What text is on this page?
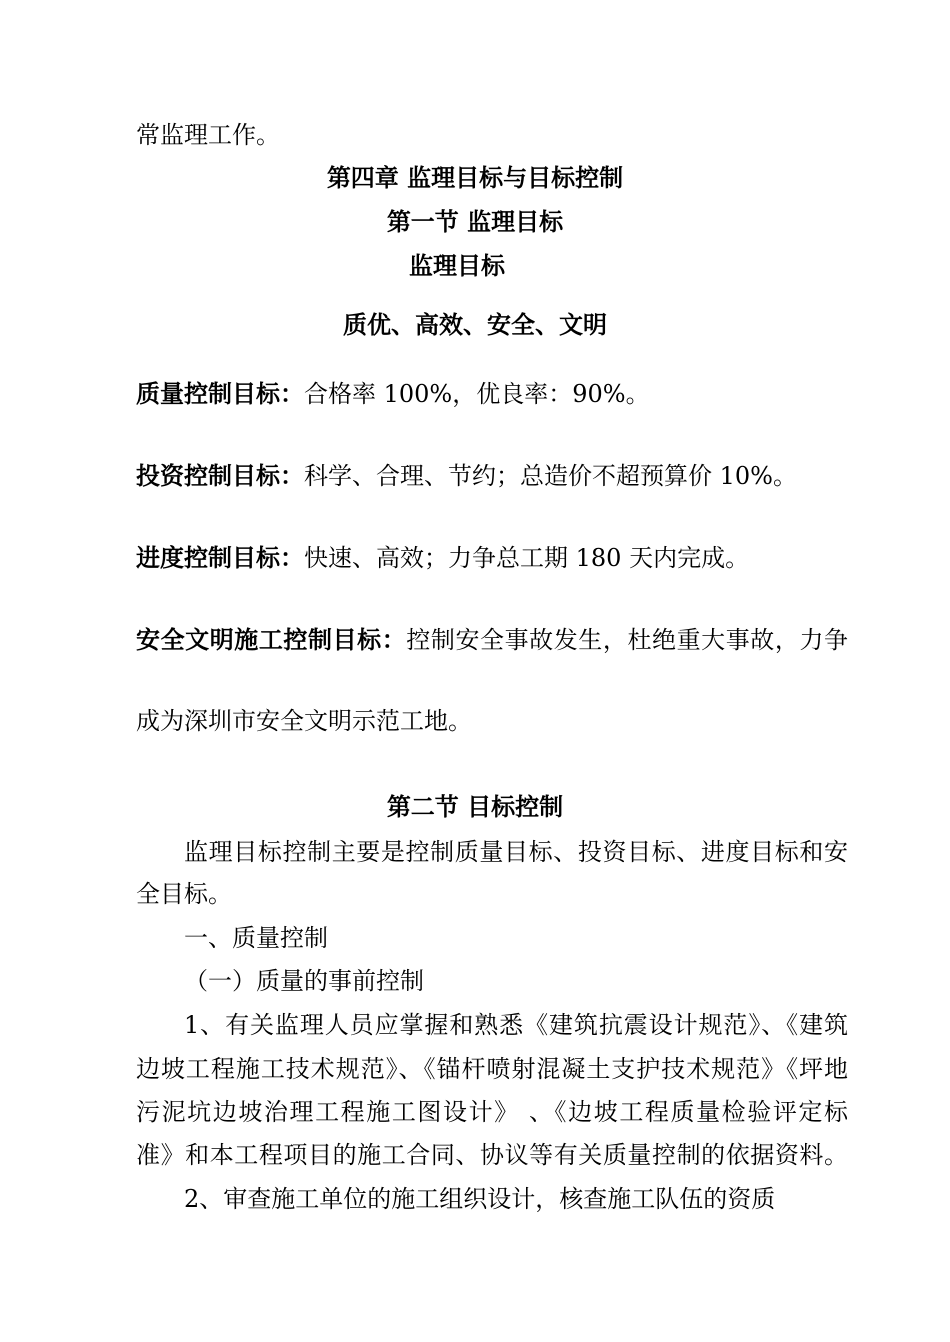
常监理工作。
第四章 监理目标与目标控制
第一节 监理目标
监理目标
质优、高效、安全、文明
质量控制目标：合格率 100%，优良率：90%。
投资控制目标：科学、合理、节约；总造价不超预算价 10%。
进度控制目标：快速、高效；力争总工期 180 天内完成。
安全文明施工控制目标：控制安全事故发生，杜绝重大事故，力争
成为深圳市安全文明示范工地。
第二节 目标控制
监理目标控制主要是控制质量目标、投资目标、进度目标和安
全目标。
一、质量控制
（一）质量的事前控制
1、有关监理人员应掌握和熟悉《建筑抗震设计规范》、《建筑
边坡工程施工技术规范》、《锚杆喷射混凝土支护技术规范》《坪地
污泥坑边坡治理工程施工图设计》 、《边坡工程质量检验评定标
准》和本工程项目的施工合同、协议等有关质量控制的依据资料。
2、审查施工单位的施工组织设计，核查施工队伍的资质
